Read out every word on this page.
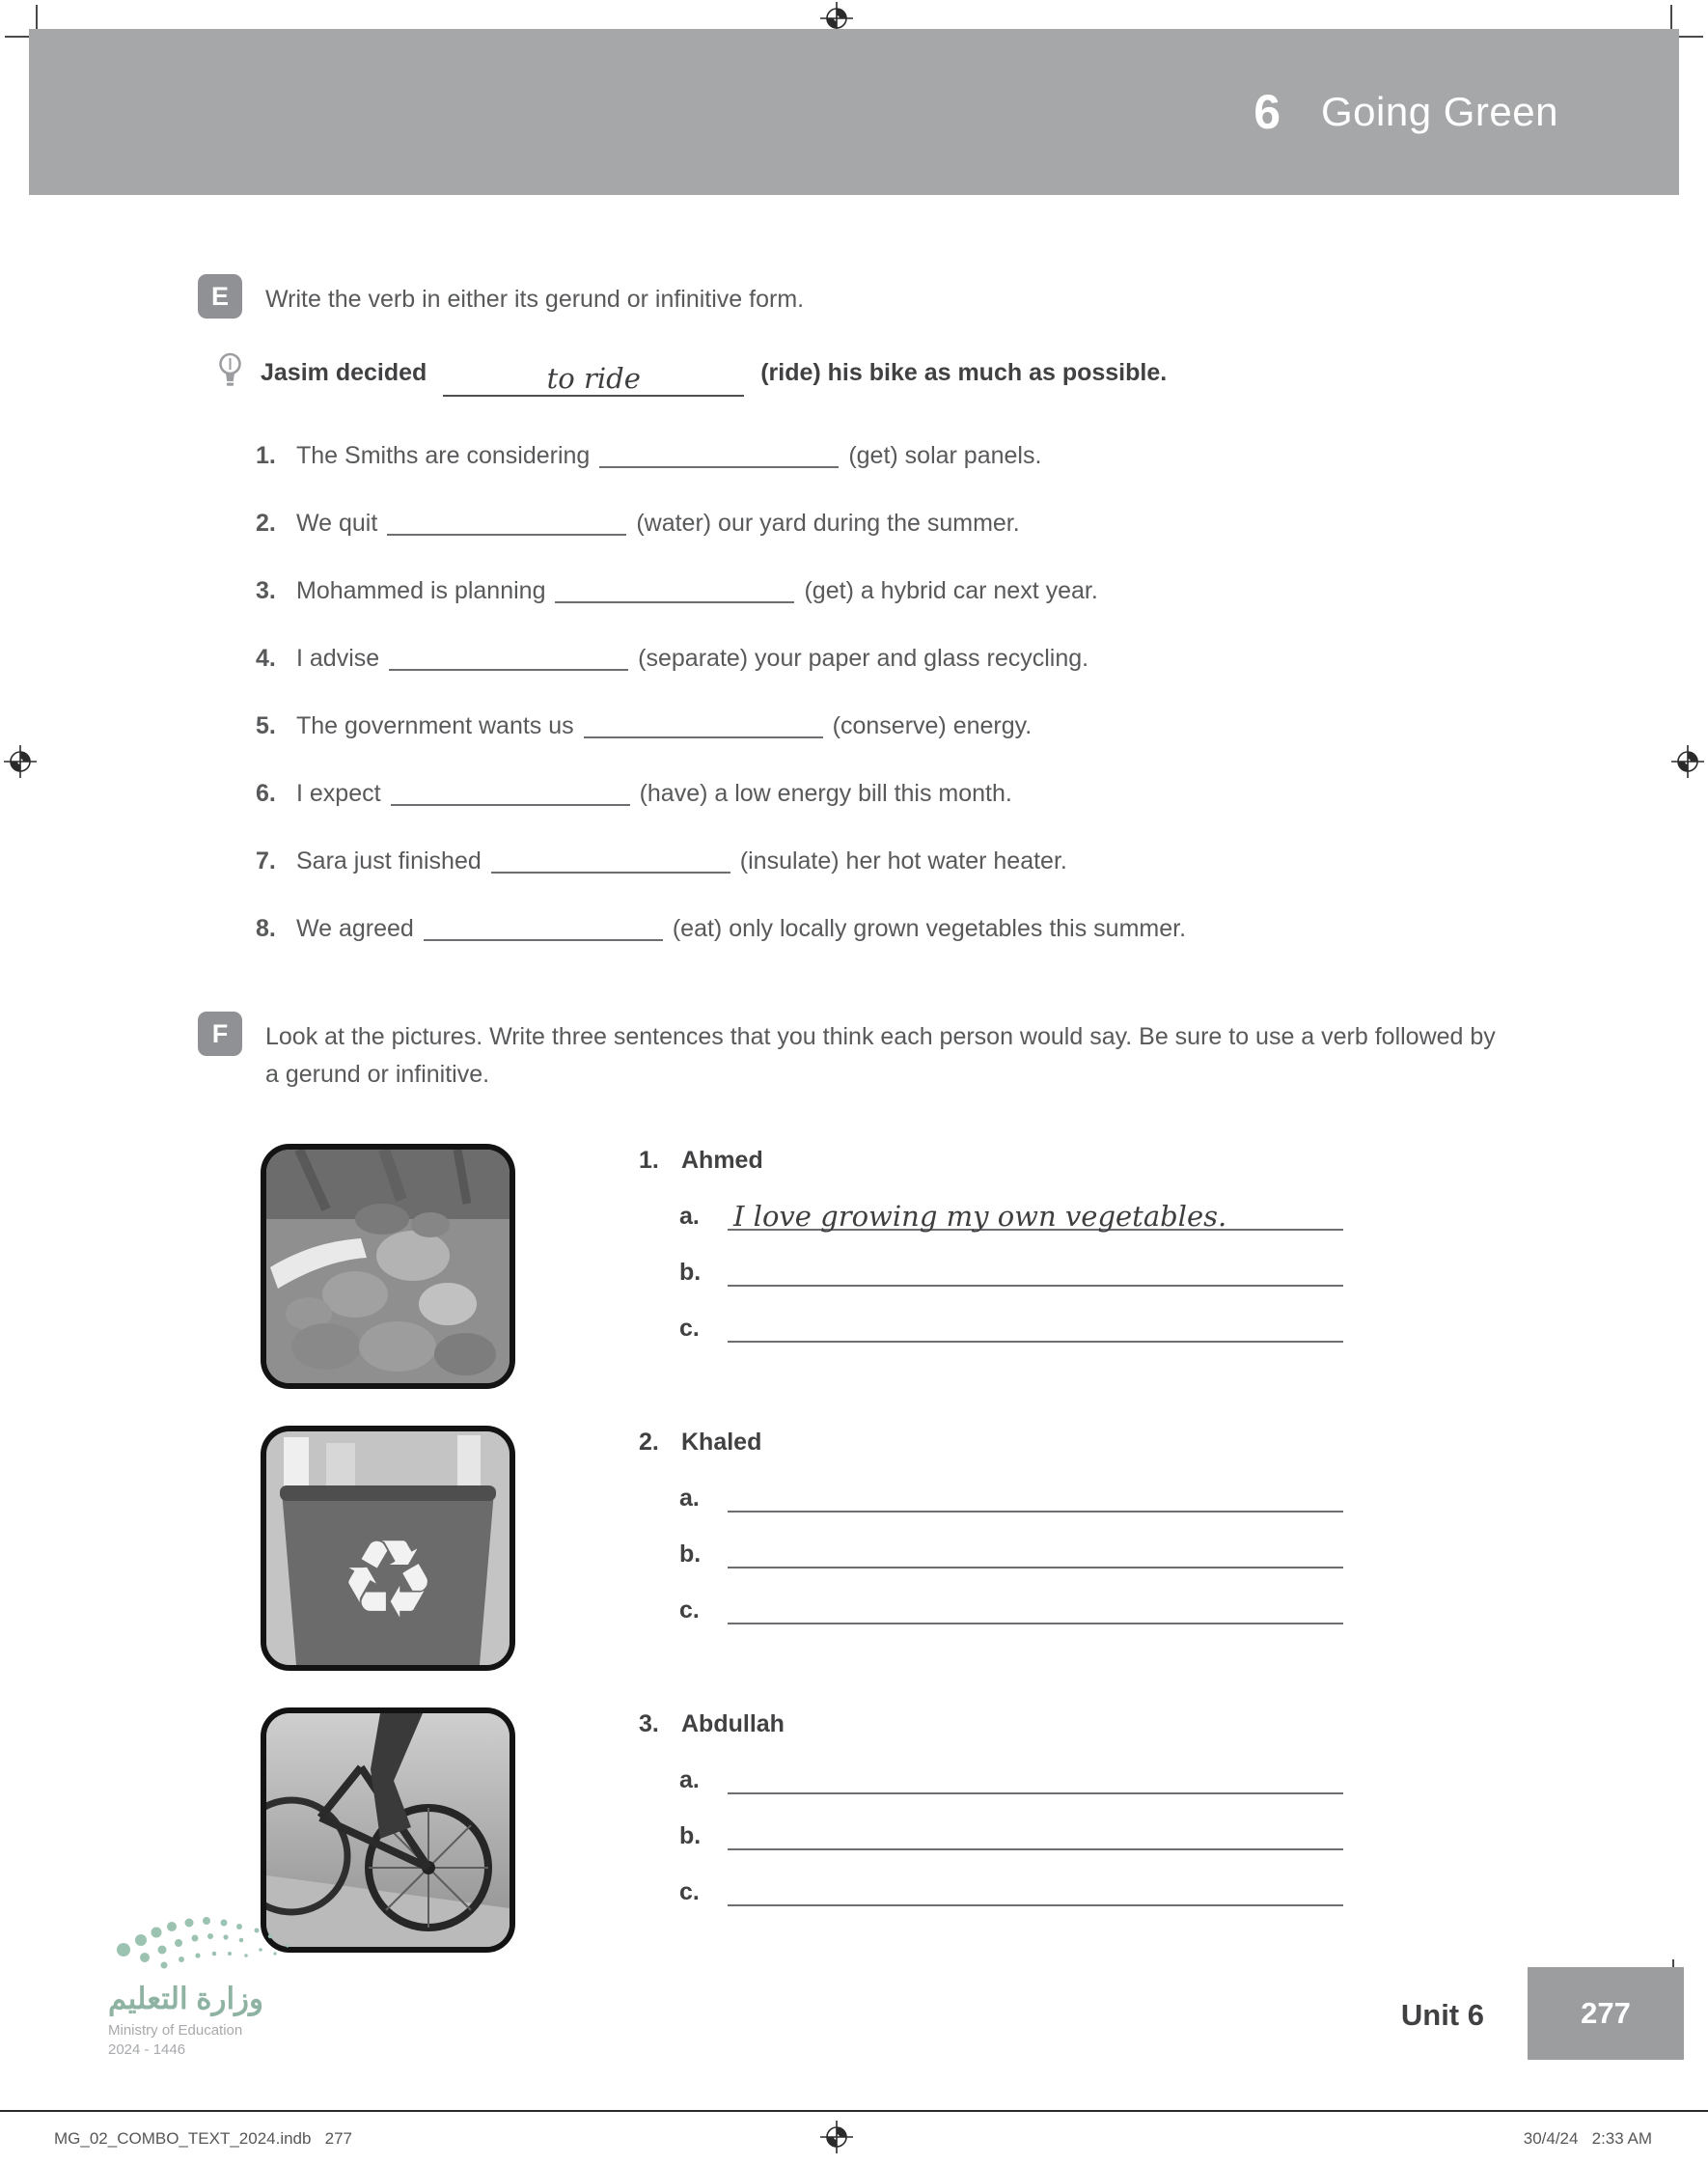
6 Going Green
E	Write the verb in either its gerund or infinitive form.
Jasim decided	to ride	(ride) his bike as much as possible.
1. The Smiths are considering	(get) solar panels.
2. We quit	(water) our yard during the summer.
3. Mohammed is planning	(get) a hybrid car next year.
4. I advise	(separate) your paper and glass recycling.
5. The government wants us	(conserve) energy.
6. I expect	(have) a low energy bill this month.
7. Sara just finished	(insulate) her hot water heater.
8. We agreed	(eat) only locally grown vegetables this summer.
F	Look at the pictures. Write three sentences that you think each person would say. Be sure to use a verb followed by a gerund or infinitive.
1. Ahmed
a.	I love growing my own vegetables.
b.
c.
♻
2. Khaled
a.
b.
c.
3. Abdullah
a.
b.
c.
Unit 6	277
وزارة التعليم
Ministry of Education
2024 - 1446
MG_02_COMBO_TEXT_2024.indb   277	30/4/24   2:33 AM
